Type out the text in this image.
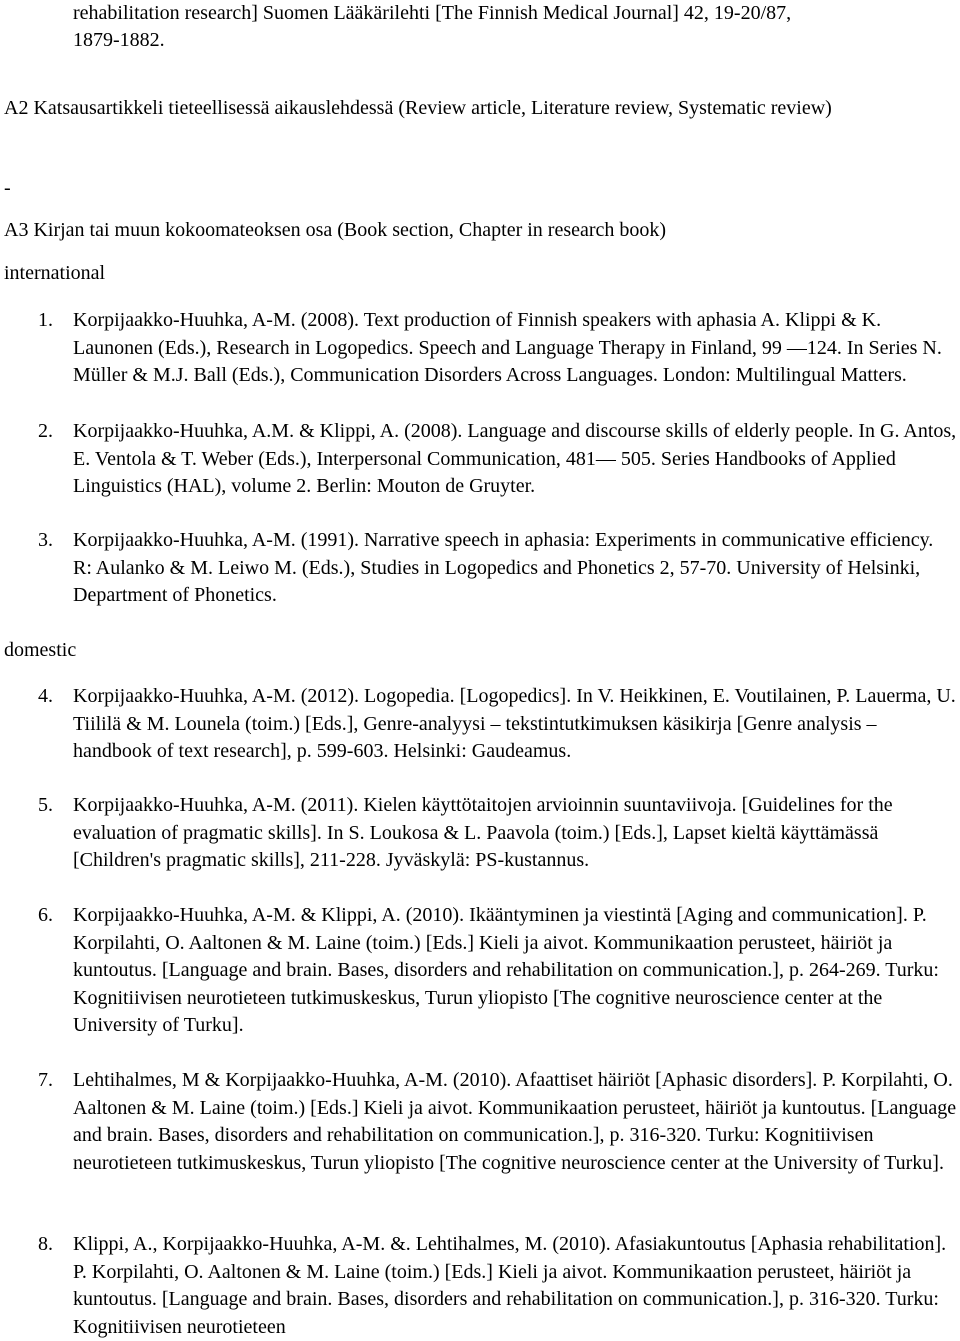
rehabilitation research] Suomen Lääkärilehti [The Finnish Medical Journal] 42, 19-20/87,
1879-1882.
A2 Katsausartikkeli tieteellisessä aikauslehdessä (Review article, Literature review, Systematic review)
-
A3 Kirjan tai muun kokoomateoksen osa (Book section, Chapter in research book)
international
1. Korpijaakko-Huuhka, A-M. (2008). Text production of Finnish speakers with aphasia A. Klippi & K. Launonen (Eds.), Research in Logopedics. Speech and Language Therapy in Finland, 99 ―124. In Series N. Müller & M.J. Ball (Eds.), Communication Disorders Across Languages. London: Multilingual Matters.
2. Korpijaakko-Huuhka, A.M. & Klippi, A. (2008). Language and discourse skills of elderly people. In G. Antos, E. Ventola & T. Weber (Eds.), Interpersonal Communication, 481― 505. Series Handbooks of Applied Linguistics (HAL), volume 2. Berlin: Mouton de Gruyter.
3. Korpijaakko-Huuhka, A-M. (1991). Narrative speech in aphasia: Experiments in communicative efficiency. R: Aulanko & M. Leiwo M. (Eds.), Studies in Logopedics and Phonetics 2, 57-70. University of Helsinki, Department of Phonetics.
domestic
4. Korpijaakko-Huuhka, A-M. (2012). Logopedia. [Logopedics]. In V. Heikkinen, E. Voutilainen, P. Lauerma, U. Tiililä & M. Lounela (toim.) [Eds.], Genre-analyysi – tekstintutkimuksen käsikirja [Genre analysis – handbook of text research], p. 599-603. Helsinki: Gaudeamus.
5. Korpijaakko-Huuhka, A-M. (2011). Kielen käyttötaitojen arvioinnin suuntaviivoja. [Guidelines for the evaluation of pragmatic skills]. In S. Loukosa & L. Paavola (toim.) [Eds.], Lapset kieltä käyttämässä [Children's pragmatic skills], 211-228. Jyväskylä: PS-kustannus.
6. Korpijaakko-Huuhka, A-M. & Klippi, A. (2010). Ikääntyminen ja viestintä [Aging and communication]. P. Korpilahti, O. Aaltonen & M. Laine (toim.) [Eds.] Kieli ja aivot. Kommunikaation perusteet, häiriöt ja kuntoutus. [Language and brain. Bases, disorders and rehabilitation on communication.], p. 264-269. Turku: Kognitiivisen neurotieteen tutkimuskeskus, Turun yliopisto [The cognitive neuroscience center at the University of Turku].
7. Lehtihalmes, M & Korpijaakko-Huuhka, A-M. (2010). Afaattiset häiriöt [Aphasic disorders]. P. Korpilahti, O. Aaltonen & M. Laine (toim.) [Eds.] Kieli ja aivot. Kommunikaation perusteet, häiriöt ja kuntoutus. [Language and brain. Bases, disorders and rehabilitation on communication.], p. 316-320. Turku: Kognitiivisen neurotieteen tutkimuskeskus, Turun yliopisto [The cognitive neuroscience center at the University of Turku].
8. Klippi, A., Korpijaakko-Huuhka, A-M. &. Lehtihalmes, M. (2010). Afasiakuntoutus [Aphasia rehabilitation]. P. Korpilahti, O. Aaltonen & M. Laine (toim.) [Eds.] Kieli ja aivot. Kommunikaation perusteet, häiriöt ja kuntoutus. [Language and brain. Bases, disorders and rehabilitation on communication.], p. 316-320. Turku: Kognitiivisen neurotieteen
